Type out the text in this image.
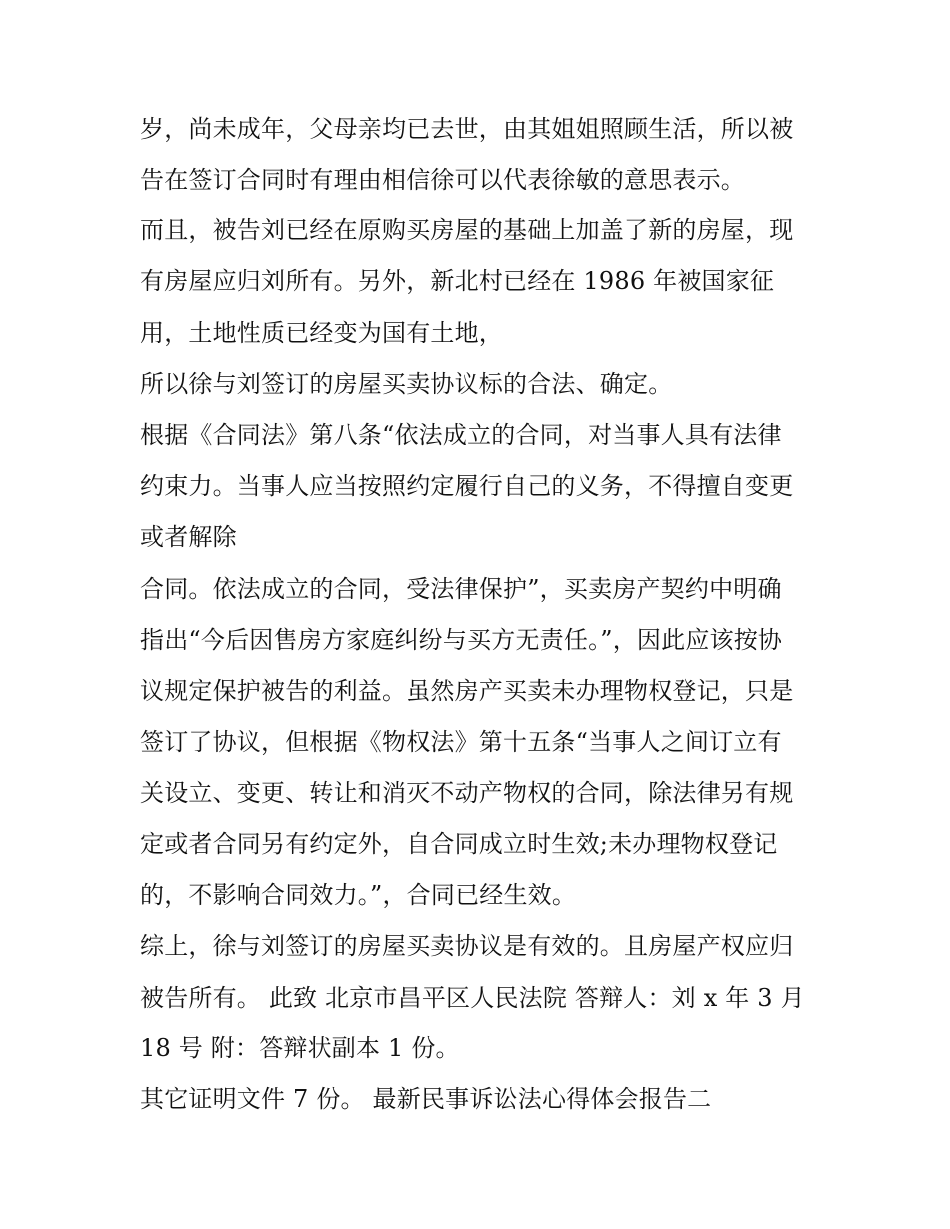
岁，尚未成年，父母亲均已去世，由其姐姐照顾生活，所以被
告在签订合同时有理由相信徐可以代表徐敏的意思表示。
而且，被告刘已经在原购买房屋的基础上加盖了新的房屋，现
有房屋应归刘所有。另外，新北村已经在 1986 年被国家征
用，土地性质已经变为国有土地，
所以徐与刘签订的房屋买卖协议标的合法、确定。
根据《合同法》第八条“依法成立的合同，对当事人具有法律
约束力。当事人应当按照约定履行自己的义务，不得擅自变更
或者解除
合同。依法成立的合同，受法律保护”，买卖房产契约中明确
指出“今后因售房方家庭纠纷与买方无责任。”，因此应该按协
议规定保护被告的利益。虽然房产买卖未办理物权登记，只是
签订了协议，但根据《物权法》第十五条“当事人之间订立有
关设立、变更、转让和消灭不动产物权的合同，除法律另有规
定或者合同另有约定外，自合同成立时生效;未办理物权登记
的，不影响合同效力。”，合同已经生效。
综上，徐与刘签订的房屋买卖协议是有效的。且房屋产权应归
被告所有。 此致 北京市昌平区人民法院 答辩人：刘 x 年 3 月
18 号 附：答辩状副本 1 份。
其它证明文件 7 份。 最新民事诉讼法心得体会报告二
